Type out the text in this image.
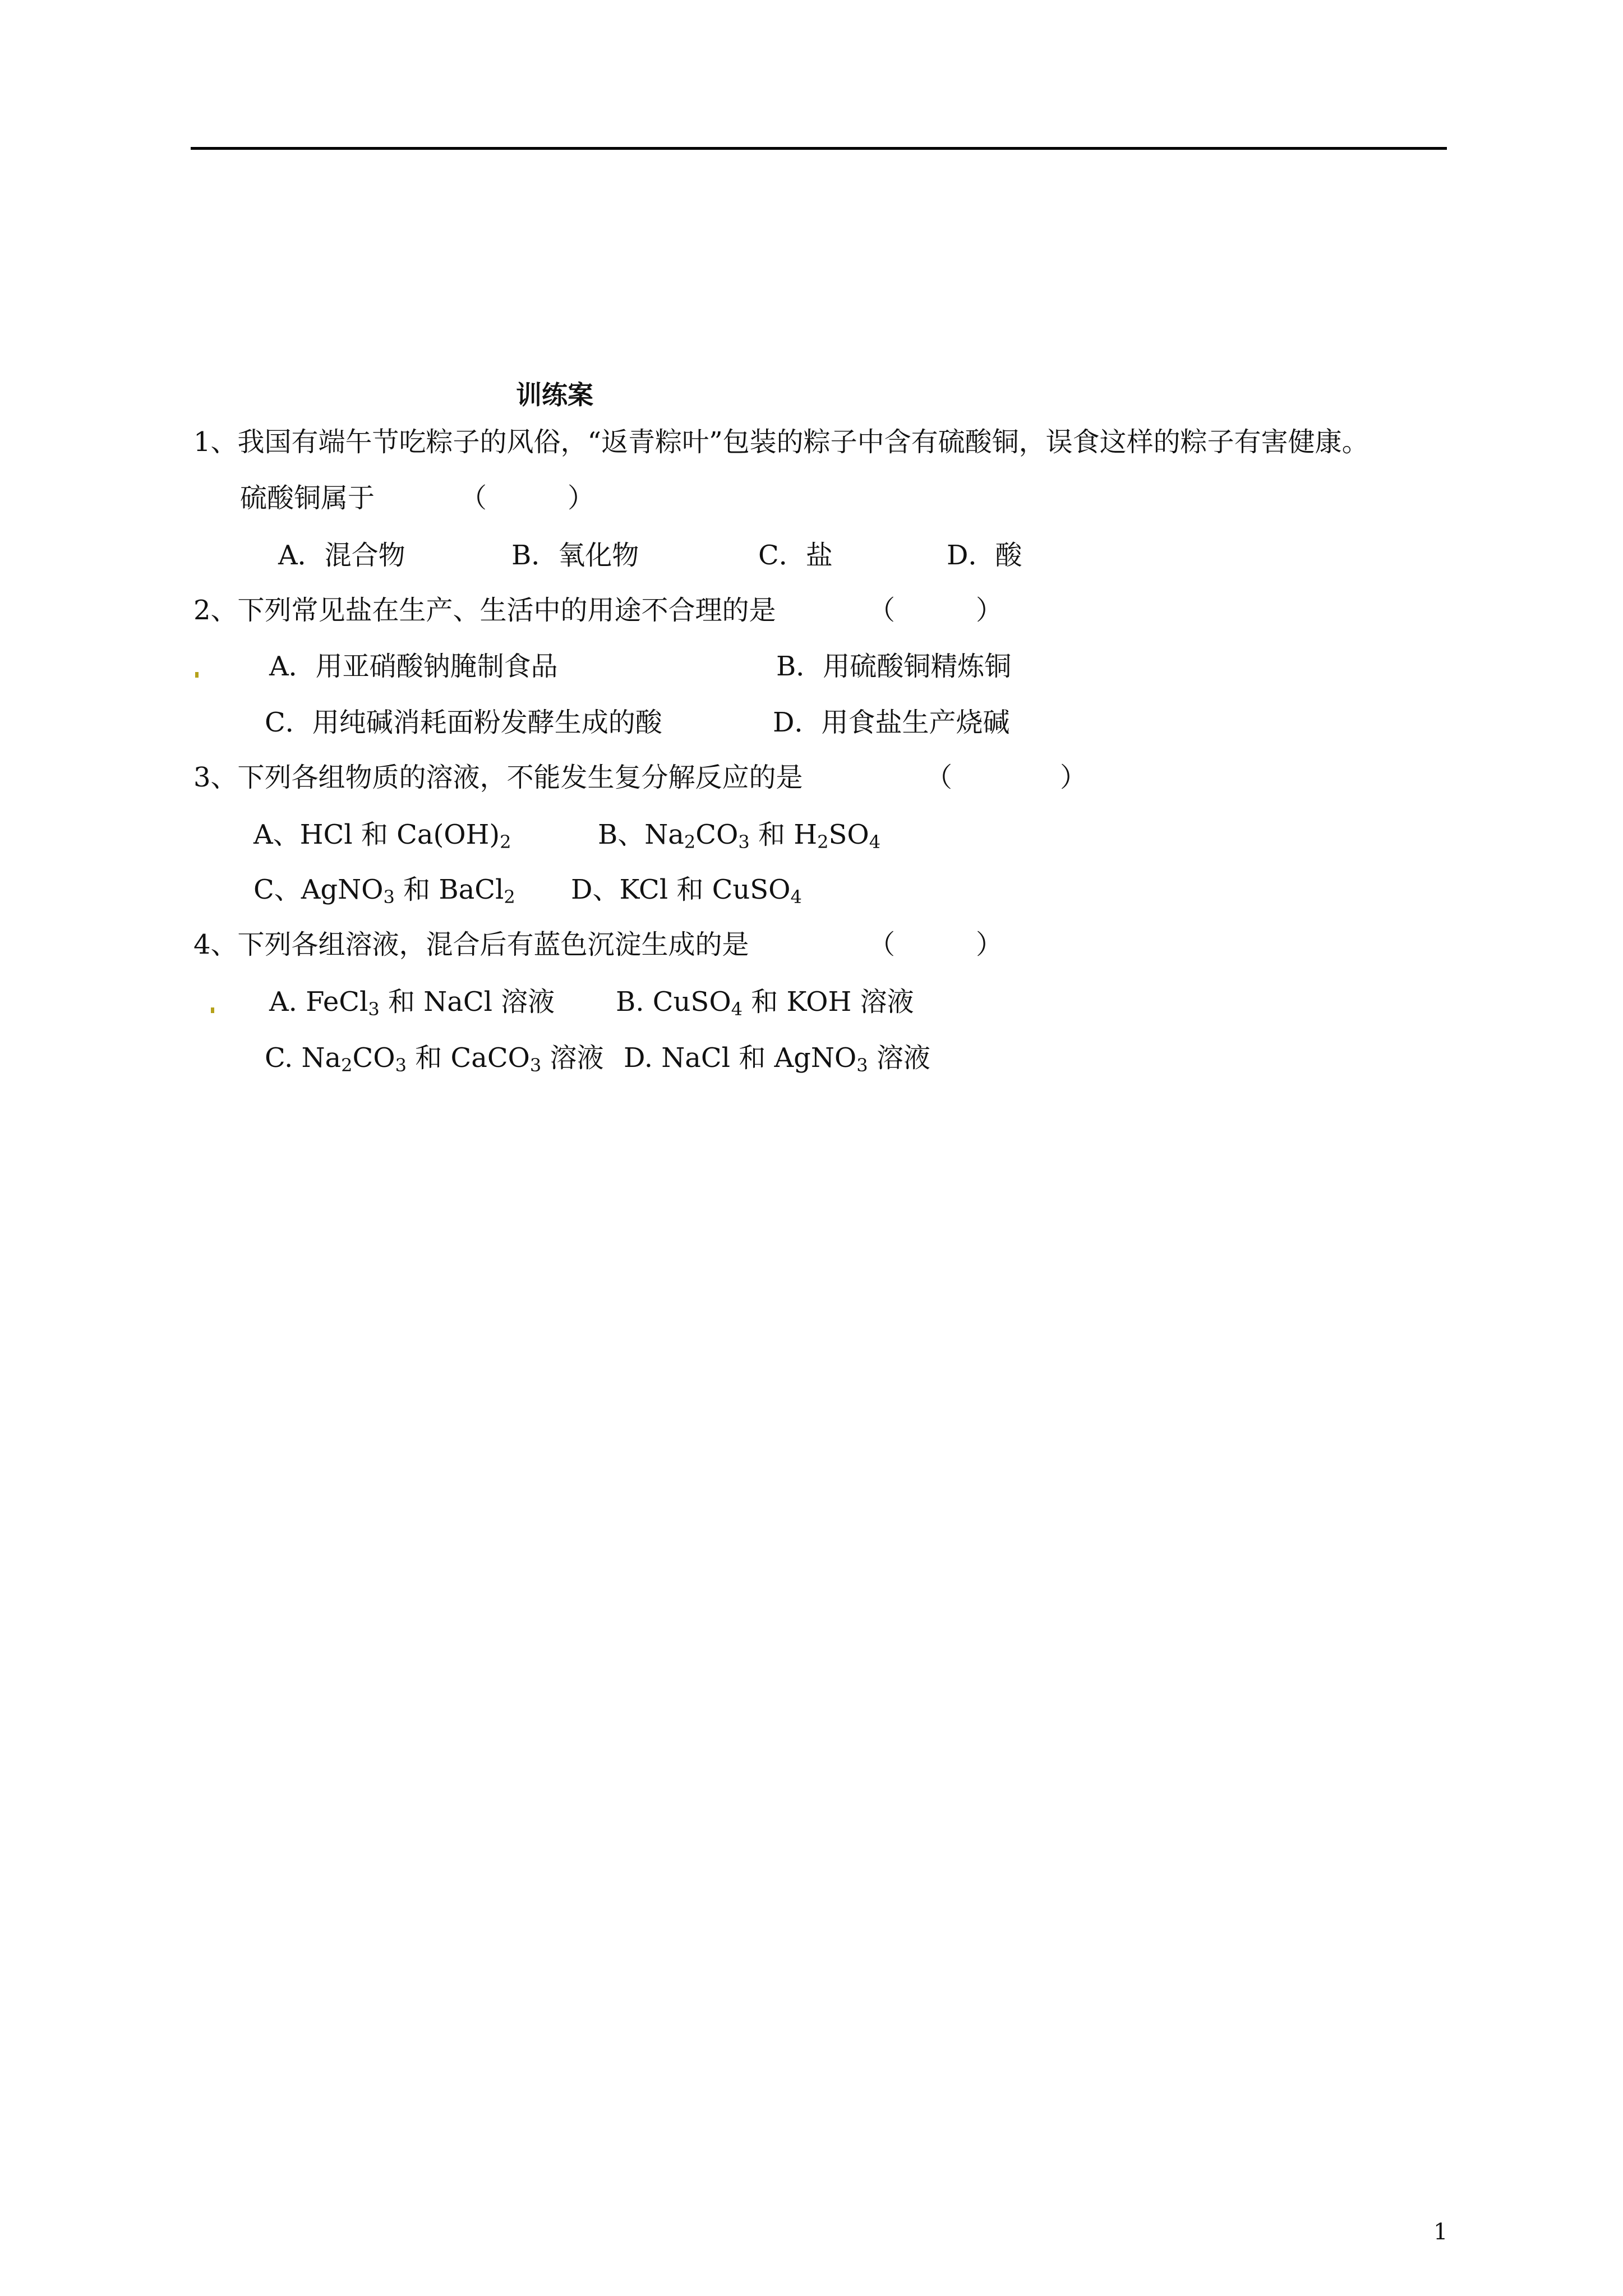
训练案
1、我国有端午节吃粽子的风俗，“返青粽叶”包装的粽子中含有硫酸铜，误食这样的粽子有害健康。
硫酸铜属于	（　　　）
A．混合物	B．氧化物	C．盐	D．酸
2、下列常见盐在生产、生活中的用途不合理的是	（　　　）
A．用亚硝酸钠腌制食品	B．用硫酸铜精炼铜
C．用纯碱消耗面粉发酵生成的酸	D．用食盐生产烧碱
3、下列各组物质的溶液，不能发生复分解反应的是	（　　　　）
A、HCl 和 $Ca(OH)_2$	B、$Na_2CO_3$ 和 $H_2SO_4$
C、AgNO$_3$ 和 BaCl$_2$ D、KCl 和 CuSO$_4$
4、下列各组溶液，混合后有蓝色沉淀生成的是	（　　　）
A. FeCl$_3$ 和 NaCl 溶液 B. CuSO$_4$ 和 KOH 溶液
C. $Na_2CO_3$ 和 CaCO$_3$ 溶液 D. NaCl 和 AgNO$_3$ 溶液
1
